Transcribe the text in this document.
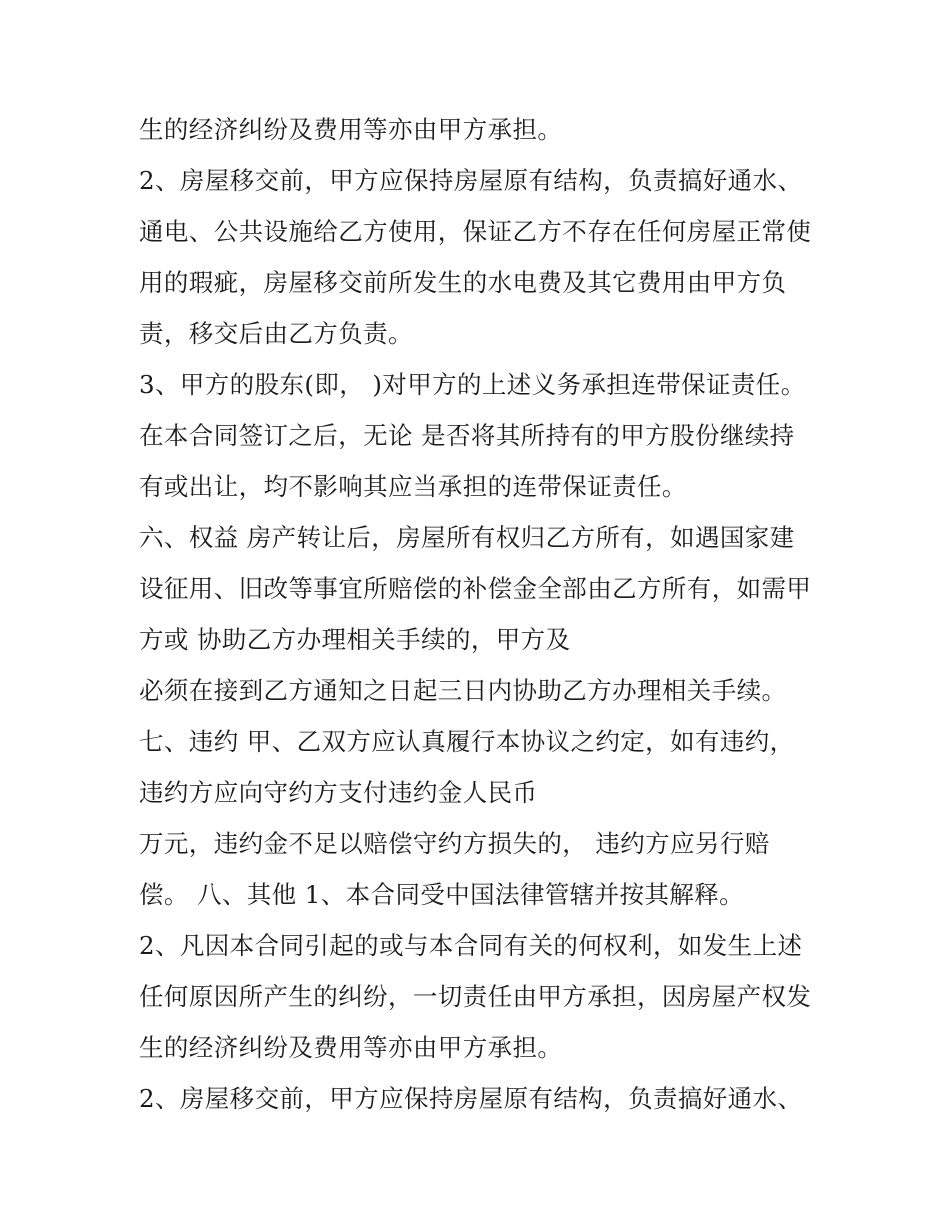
生的经济纠纷及费用等亦由甲方承担。
2、房屋移交前，甲方应保持房屋原有结构，负责搞好通水、
通电、公共设施给乙方使用，保证乙方不存在任何房屋正常使
用的瑕疵，房屋移交前所发生的水电费及其它费用由甲方负
责，移交后由乙方负责。
3、甲方的股东(即， )对甲方的上述义务承担连带保证责任。
在本合同签订之后，无论 是否将其所持有的甲方股份继续持
有或出让，均不影响其应当承担的连带保证责任。
六、权益 房产转让后，房屋所有权归乙方所有，如遇国家建
设征用、旧改等事宜所赔偿的补偿金全部由乙方所有，如需甲
方或 协助乙方办理相关手续的，甲方及
必须在接到乙方通知之日起三日内协助乙方办理相关手续。
七、违约 甲、乙双方应认真履行本协议之约定，如有违约，
违约方应向守约方支付违约金人民币
万元，违约金不足以赔偿守约方损失的， 违约方应另行赔
偿。 八、其他 1、本合同受中国法律管辖并按其解释。
2、凡因本合同引起的或与本合同有关的何权利，如发生上述
任何原因所产生的纠纷，一切责任由甲方承担，因房屋产权发
生的经济纠纷及费用等亦由甲方承担。
2、房屋移交前，甲方应保持房屋原有结构，负责搞好通水、
